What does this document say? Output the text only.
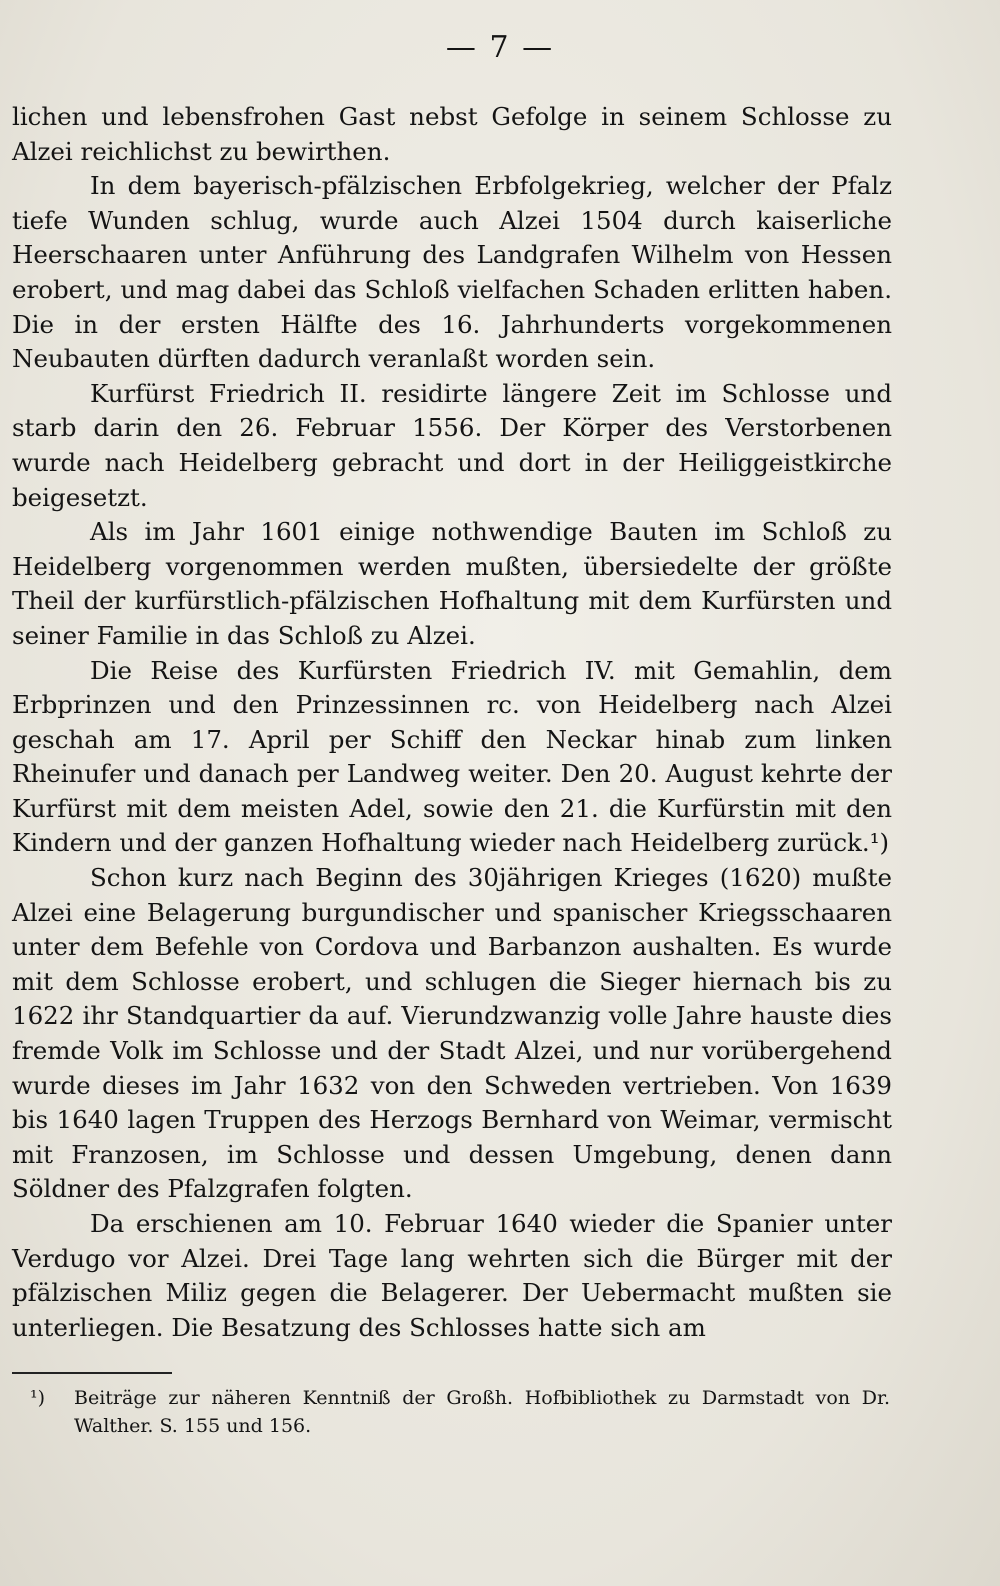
— 7 —

lichen und lebensfrohen Gast nebst Gefolge in seinem Schlosse zu Alzei reichlichst zu bewirthen.

In dem bayerisch-pfälzischen Erbfolgekrieg, welcher der Pfalz tiefe Wunden schlug, wurde auch Alzei 1504 durch kaiserliche Heerschaaren unter Anführung des Landgrafen Wilhelm von Hessen erobert, und mag dabei das Schloß vielfachen Schaden erlitten haben. Die in der ersten Hälfte des 16. Jahrhunderts vorgekommenen Neubauten dürften dadurch veranlaßt worden sein.

Kurfürst Friedrich II. residirte längere Zeit im Schlosse und starb darin den 26. Februar 1556. Der Körper des Verstorbenen wurde nach Heidelberg gebracht und dort in der Heiliggeistkirche beigesetzt.

Als im Jahr 1601 einige nothwendige Bauten im Schloß zu Heidelberg vorgenommen werden mußten, übersiedelte der größte Theil der kurfürstlich-pfälzischen Hofhaltung mit dem Kurfürsten und seiner Familie in das Schloß zu Alzei.

Die Reise des Kurfürsten Friedrich IV. mit Gemahlin, dem Erbprinzen und den Prinzessinnen rc. von Heidelberg nach Alzei geschah am 17. April per Schiff den Neckar hinab zum linken Rheinufer und danach per Landweg weiter. Den 20. August kehrte der Kurfürst mit dem meisten Adel, sowie den 21. die Kurfürstin mit den Kindern und der ganzen Hofhaltung wieder nach Heidelberg zurück.¹)

Schon kurz nach Beginn des 30jährigen Krieges (1620) mußte Alzei eine Belagerung burgundischer und spanischer Kriegsschaaren unter dem Befehle von Cordova und Barbanzon aushalten. Es wurde mit dem Schlosse erobert, und schlugen die Sieger hiernach bis zu 1622 ihr Standquartier da auf. Vierundzwanzig volle Jahre hauste dies fremde Volk im Schlosse und der Stadt Alzei, und nur vorübergehend wurde dieses im Jahr 1632 von den Schweden vertrieben. Von 1639 bis 1640 lagen Truppen des Herzogs Bernhard von Weimar, vermischt mit Franzosen, im Schlosse und dessen Umgebung, denen dann Söldner des Pfalzgrafen folgten.

Da erschienen am 10. Februar 1640 wieder die Spanier unter Verdugo vor Alzei. Drei Tage lang wehrten sich die Bürger mit der pfälzischen Miliz gegen die Belagerer. Der Uebermacht mußten sie unterliegen. Die Besatzung des Schlosses hatte sich am

¹) Beiträge zur näheren Kenntniß der Großh. Hofbibliothek zu Darmstadt von Dr. Walther. S. 155 und 156.
